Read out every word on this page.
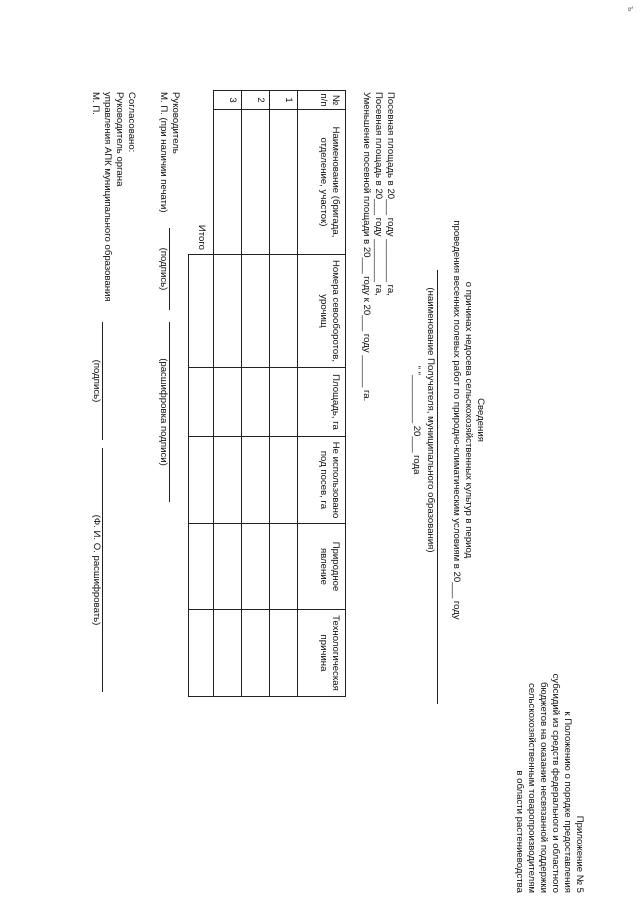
ъ
Приложение № 5
к Положению о порядке предоставления
субсидий из средств федерального и областного
бюджетов на оказание несвязанной поддержки
сельскохозяйственным товаропроизводителям
в области растениеводства
Сведения
о причинах недосева сельскохозяйственных культур в период
проведения весенних полевых работ по природно-климатическим условиям в 20___ году
(наименование Получателя, муниципального образования)
" "_________ 20___ года
Посевная площадь в 20___ году ________ га,
Посевная площадь в 20___ году ________ га,
Уменьшение посевной площади в 20___ году к 20___ году ______ га.
№ п/п	Наименование (бригада, отделение, участок)	Номера севооборотов, урочищ	Площадь, га	Не использовано под посев, га	Природное явление	Технологическая причина
1						
2						
3						
Итого						
Руководитель
М. П. (при наличии печати)
(подпись)
(расшифровка подписи)
Согласовано:
Руководитель органа
управления АПК муниципального образования
М. П.
(подпись)
(Ф. И. О. расшифровать)
